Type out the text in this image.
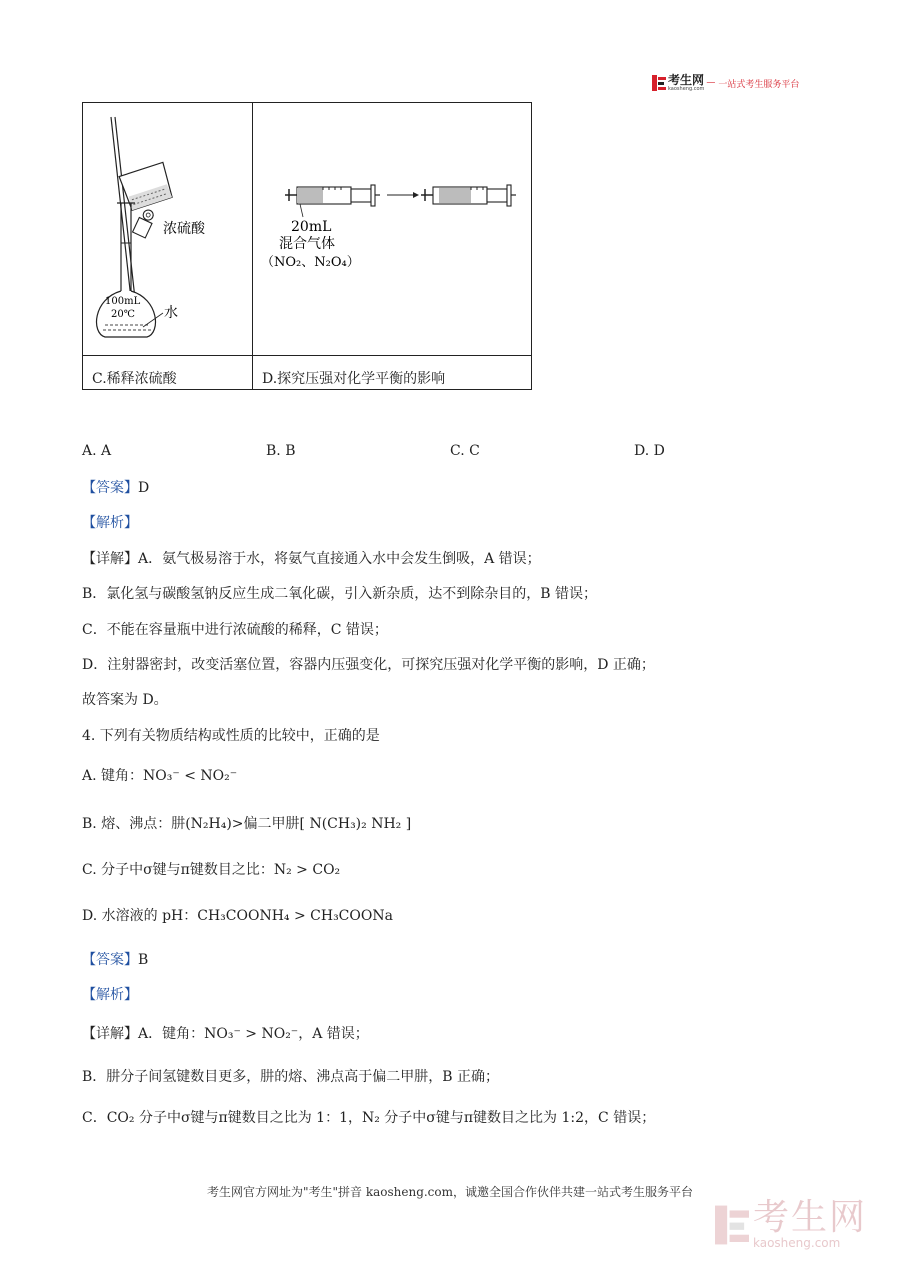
考生网
kaosheng.com
— 一站式考生服务平台
浓硫酸
100mL
20℃ 水	20mL
混合气体
（NO₂、N₂O₄）

C.稀释浓硫酸	D.探究压强对化学平衡的影响
A. A	B. B	C. C	D. D
【答案】D
【解析】
【详解】A．氨气极易溶于水，将氨气直接通入水中会发生倒吸，A 错误；
B．氯化氢与碳酸氢钠反应生成二氧化碳，引入新杂质，达不到除杂目的，B 错误；
C．不能在容量瓶中进行浓硫酸的稀释，C 错误；
D．注射器密封，改变活塞位置，容器内压强变化，可探究压强对化学平衡的影响，D 正确；
故答案为 D。
4. 下列有关物质结构或性质的比较中，正确的是
A. 键角：NO₃⁻ < NO₂⁻
B. 熔、沸点：肼(N₂H₄)>偏二甲肼[ N(CH₃)₂ NH₂ ]
C. 分子中σ键与π键数目之比：N₂ > CO₂
D. 水溶液的 pH：CH₃COONH₄ > CH₃COONa
【答案】B
【解析】
【详解】A．键角：NO₃⁻ > NO₂⁻，A 错误；
B．肼分子间氢键数目更多，肼的熔、沸点高于偏二甲肼，B 正确；
C．CO₂ 分子中σ键与π键数目之比为 1：1，N₂ 分子中σ键与π键数目之比为 1:2，C 错误；
考生网官方网址为"考生"拼音 kaosheng.com，诚邀全国合作伙伴共建一站式考生服务平台
考生网
kaosheng.com
